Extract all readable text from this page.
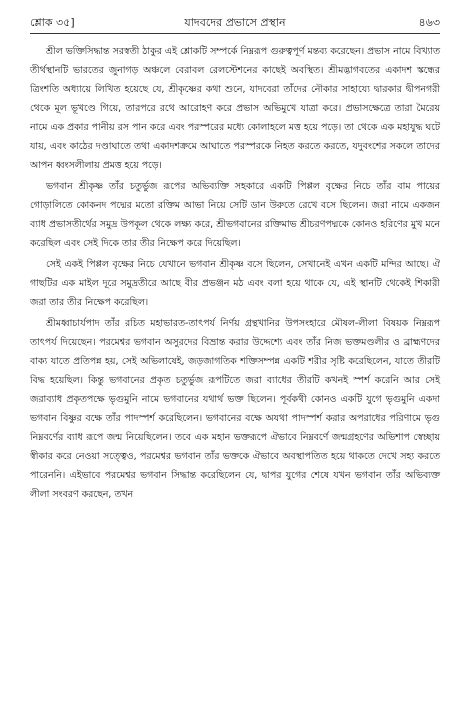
শ্লোক ৩৫]	যাদবদের প্রভাসে প্রস্থান	৪৬৩

শ্রীল ভক্তিসিদ্ধান্ত সরস্বতী ঠাকুর এই শ্লোকটি সম্পর্কে নিম্নরূপ গুরুত্বপূর্ণ মন্তব্য করেছেন। প্রভাস নামে বিখ্যাত তীর্থস্থানটি ভারতের জুনাগড় অঞ্চলে বেরাবল রেলস্টেশনের কাছেই অবস্থিত। শ্রীমদ্ভাগবতের একাদশ স্কন্ধের ত্রিংশতি অধ্যায়ে লিখিত হয়েছে যে, শ্রীকৃষ্ণের কথা শুনে, যাদবেরা তাঁদের নৌকার সাহায্যে দ্বারকার দ্বীপনগরী থেকে মূল ভূখণ্ডে গিয়ে, তারপরে রথে আরোহণ করে প্রভাস অভিমুখে যাত্রা করে। প্রভাসক্ষেত্রে তারা মৈরেয় নামে এক প্রকার পানীয় রস পান করে এবং পরস্পরের মধ্যে কোলাহলে মত্ত হয়ে পড়ে। তা থেকে এক মহাযুদ্ধ ঘটে যায়, এবং কাঠের দণ্ডাঘাতে তথা একাদশক্রমে আঘাতে পরস্পরকে নিহত করতে করতে, যদুবংশের সকলে তাদের আপন ধ্বংসলীলায় প্রমত্ত হয়ে পড়ে।

ভগবান শ্রীকৃষ্ণ তাঁর চতুর্ভুজ রূপের অভিব্যক্তি সহকারে একটি পিপ্পল বৃক্ষের নিচে তাঁর বাম পায়ের গোড়ালিতে কোকনদ পদ্মের মতো রক্তিম আভা নিয়ে সেটি ডান উরুতে রেখে বসে ছিলেন। জরা নামে একজন ব্যাধ প্রভাসতীর্থের সমুদ্র উপকূল থেকে লক্ষ্য করে, শ্রীভগবানের রক্তিমাভ শ্রীচরণপদ্মকে কোনও হরিণের মুখ মনে করেছিল এবং সেই দিকে তার তীর নিক্ষেপ করে দিয়েছিল।

সেই একই পিপ্পল বৃক্ষের নিচে যেখানে ভগবান শ্রীকৃষ্ণ বসে ছিলেন, সেখানেই এখন একটি মন্দির আছে। ঐ গাছটির এক মাইল দূরে সমুদ্রতীরে আছে বীর প্রভঞ্জন মঠ এবং বলা হয়ে থাকে যে, এই স্থানটি থেকেই শিকারী জরা তার তীর নিক্ষেপ করেছিল।

শ্রীমধ্বাচার্যপাদ তাঁর রচিত মহাভারত-তাৎপর্য নির্ণয় গ্রন্থখানির উপসংহারে মৌষল-লীলা বিষয়ক নিম্নরূপ তাৎপর্য দিয়েছেন। পরমেশ্বর ভগবান অসুরদের বিভ্রান্ত করার উদ্দেশ্যে এবং তাঁর নিজ ভক্তমণ্ডলীর ও ব্রাহ্মণদের বাক্য যাতে প্রতিপন্ন হয়, সেই অভিলাষেই, জড়জাগতিক শক্তিসম্পন্ন একটি শরীর সৃষ্টি করেছিলেন, যাতে তীরটি বিদ্ধ হয়েছিল। কিন্তু ভগবানের প্রকৃত চতুর্ভুজ রূপটিতে জরা ব্যাধের তীরটি কখনই স্পর্শ করেনি আর সেই জরাব্যাধ প্রকৃতপক্ষে ভৃগুমুনি নামে ভগবানের যথার্থ ভক্ত ছিলেন। পূর্বকথী কোনও একটি যুগে ভৃগুমুনি একদা ভগবান বিষ্ণুর বক্ষে তাঁর পাদস্পর্শ করেছিলেন। ভগবানের বক্ষে অযথা পাদস্পর্শ করার অপরাধের পরিণামে ভৃগু নিম্নবর্ণের ব্যাধ রূপে জন্ম নিয়েছিলেন। তবে এক মহান ভক্তরূপে ঐভাবে নিম্নবর্ণে জন্মগ্রহণের অভিশাপ স্বেচ্ছায় স্বীকার করে নেওয়া সত্ত্বেও, পরমেশ্বর ভগবান তাঁর ভক্তকে ঐভাবে অবস্থাপতিত হয়ে থাকতে দেখে সহ্য করতে পারেননি। এইভাবে পরমেশ্বর ভগবান সিদ্ধান্ত করেছিলেন যে, দ্বাপর যুগের শেষে যখন ভগবান তাঁর অভিব্যক্ত লীলা সংবরণ করছেন, তখন
